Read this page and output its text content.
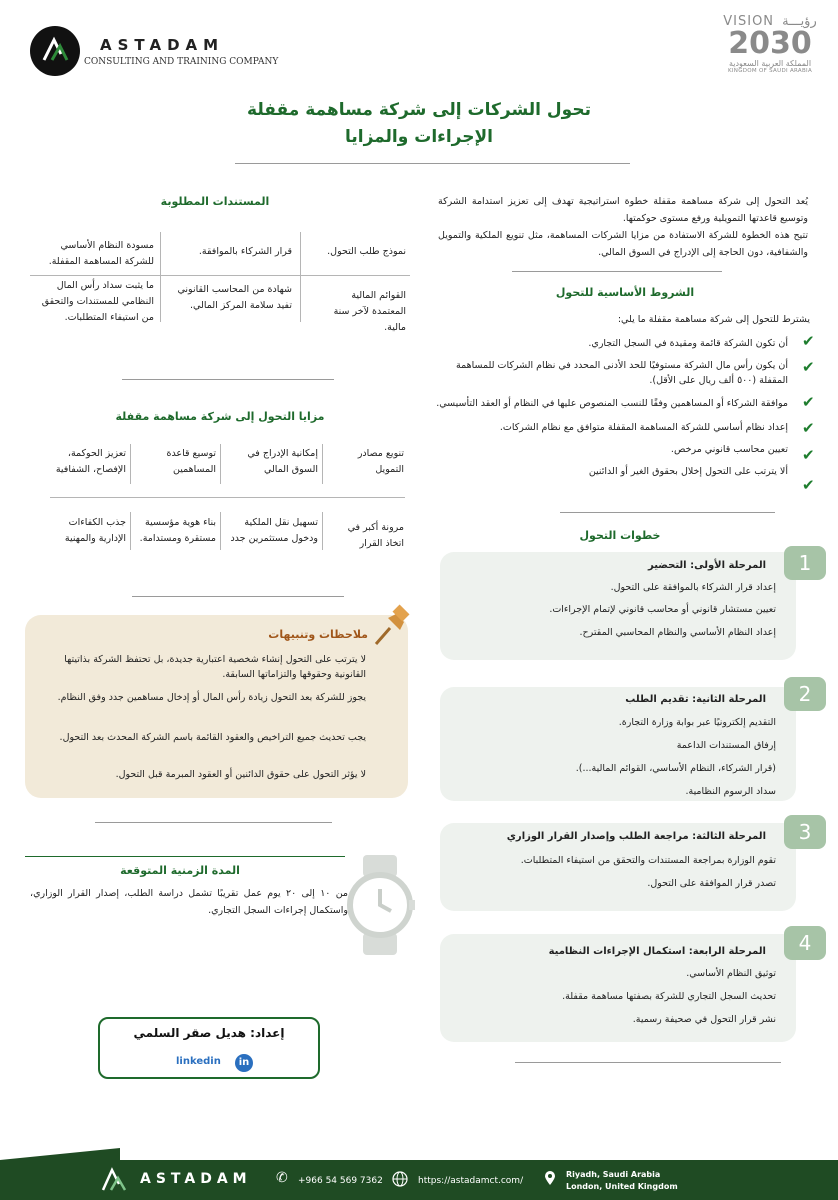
ASTADAM
CONSULTING AND TRAINING COMPANY
VISION رؤيـــة
2030
المملكة العربية السعودية
KINGDOM OF SAUDI ARABIA
تحول الشركات إلى شركة مساهمة مقفلة
الإجراءات والمزايا
يُعد التحول إلى شركة مساهمة مقفلة خطوة استراتيجية تهدف إلى تعزيز استدامة الشركة وتوسيع قاعدتها التمويلية ورفع مستوى حوكمتها.
تتيح هذه الخطوة للشركة الاستفادة من مزايا الشركات المساهمة، مثل تنويع الملكية والتمويل والشفافية، دون الحاجة إلى الإدراج في السوق المالي.
الشروط الأساسية للتحول
يشترط للتحول إلى شركة مساهمة مقفلة ما يلي:
✔
أن تكون الشركة قائمة ومقيدة في السجل التجاري.
✔
أن يكون رأس مال الشركة مستوفيًا للحد الأدنى المحدد في نظام الشركات للمساهمة المقفلة (٥٠٠ ألف ريال على الأقل).
✔
موافقة الشركاء أو المساهمين وفقًا للنسب المنصوص عليها في النظام أو العقد التأسيسي.
✔
إعداد نظام أساسي للشركة المساهمة المقفلة متوافق مع نظام الشركات.
✔
تعيين محاسب قانوني مرخص.
✔
ألا يترتب على التحول إخلال بحقوق الغير أو الدائنين
المستندات المطلوبة
نموذج طلب التحول.
قرار الشركاء بالموافقة.
مسودة النظام الأساسي للشركة المساهمة المقفلة.
القوائم المالية المعتمدة لآخر سنة مالية.
شهادة من المحاسب القانوني تفيد سلامة المركز المالي.
ما يثبت سداد رأس المال النظامي للمستندات والتحقق من استيفاء المتطلبات.
مزايا التحول إلى شركة مساهمة مقفلة
تنويع مصادر التمويل
إمكانية الإدراج في السوق المالي
توسيع قاعدة المساهمين
تعزيز الحوكمة، الإفصاح، الشفافية
مرونة أكبر في اتخاذ القرار
تسهيل نقل الملكية ودخول مستثمرين جدد
بناء هوية مؤسسية مستقرة ومستدامة.
جذب الكفاءات الإدارية والمهنية
ملاحظات وتنبيهات
لا يترتب على التحول إنشاء شخصية اعتبارية جديدة، بل تحتفظ الشركة بذاتيتها القانونية وحقوقها والتزاماتها السابقة.
يجوز للشركة بعد التحول زيادة رأس المال أو إدخال مساهمين جدد وفق النظام.
يجب تحديث جميع التراخيص والعقود القائمة باسم الشركة المحدث بعد التحول.
لا يؤثر التحول على حقوق الدائنين أو العقود المبرمة قبل التحول.
المدة الزمنية المتوقعة
من ١٠ إلى ٢٠ يوم عمل تقريبًا تشمل دراسة الطلب، إصدار القرار الوزاري، واستكمال إجراءات السجل التجاري.
إعداد: هديل صقر السلمي
linkedin	in
خطوات التحول
1
المرحلة الأولى: التحضير
إعداد قرار الشركاء بالموافقة على التحول.
تعيين مستشار قانوني أو محاسب قانوني لإتمام الإجراءات.
إعداد النظام الأساسي والنظام المحاسبي المقترح.
2
المرحلة الثانية: تقديم الطلب
التقديم إلكترونيًا عبر بوابة وزارة التجارة.
إرفاق المستندات الداعمة
(قرار الشركاء، النظام الأساسي، القوائم المالية...).
سداد الرسوم النظامية.
3
المرحلة الثالثة: مراجعة الطلب وإصدار القرار الوزاري
تقوم الوزارة بمراجعة المستندات والتحقق من استيفاء المتطلبات.
تصدر قرار الموافقة على التحول.
4
المرحلة الرابعة: استكمال الإجراءات النظامية
توثيق النظام الأساسي.
تحديث السجل التجاري للشركة بصفتها مساهمة مقفلة.
نشر قرار التحول في صحيفة رسمية.
ASTADAM ✆ +966 54 569 7362	https://astadamct.com/
Riyadh, Saudi Arabia
London, United Kingdom
